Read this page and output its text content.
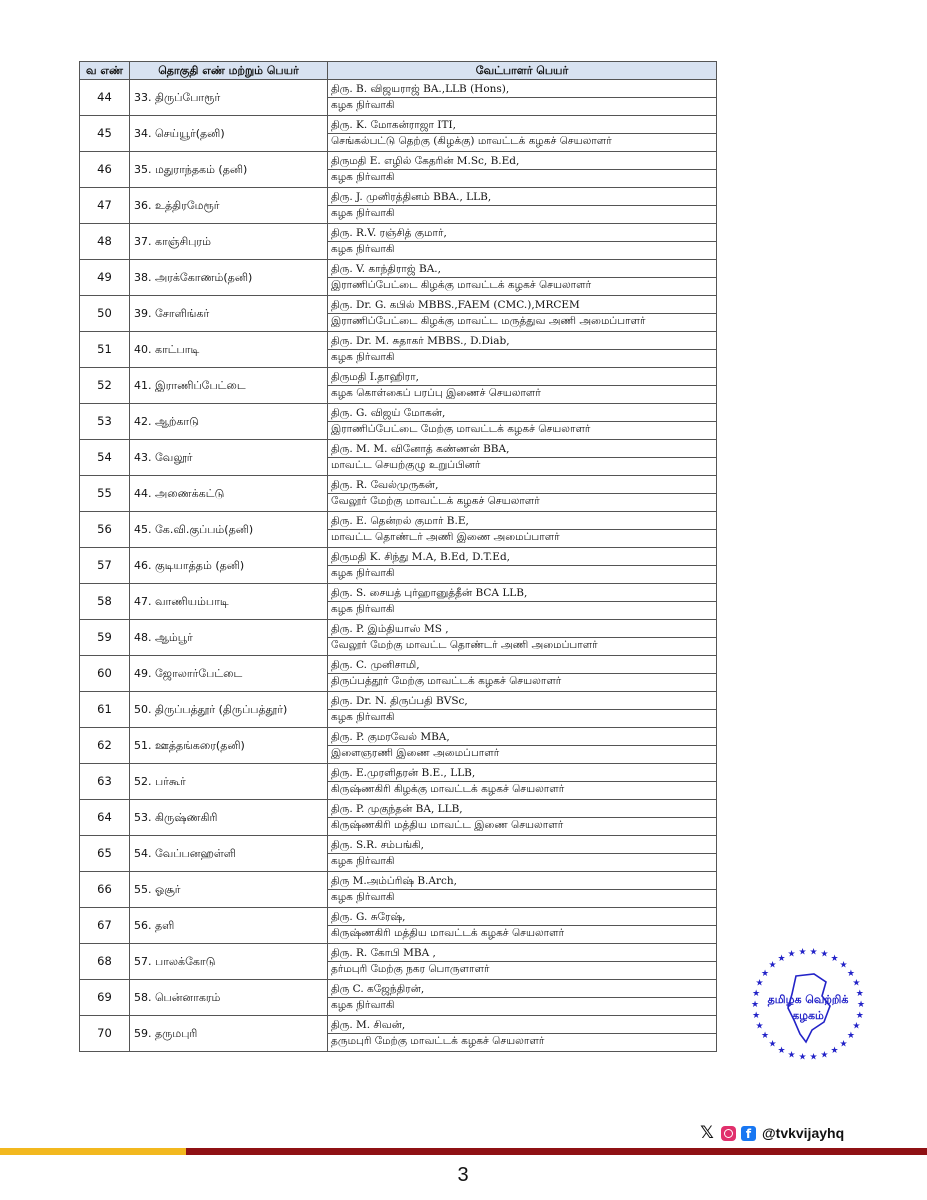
வ எண்	தொகுதி எண் மற்றும் பெயர்	வேட்பாளர் பெயர்
44	33. திருப்போரூர்	திரு. B. விஜயராஜ் BA.,LLB (Hons),
		கழக நிர்வாகி
45	34. செய்யூர்(தனி)	திரு. K. மோகன்ராஜா ITI,
		செங்கல்பட்டு தெற்கு (கிழக்கு) மாவட்டக் கழகச் செயலாளர்
46	35. மதுராந்தகம் (தனி)	திருமதி E. எழில் கேதரின் M.Sc, B.Ed,
		கழக நிர்வாகி
47	36. உத்திரமேரூர்	திரு. J. முனிரத்தினம் BBA., LLB,
		கழக நிர்வாகி
48	37. காஞ்சிபுரம்	திரு. R.V. ரஞ்சித் குமார்,
		கழக நிர்வாகி
49	38. அரக்கோணம்(தனி)	திரு. V. காந்திராஜ் BA.,
		இராணிப்பேட்டை கிழக்கு மாவட்டக் கழகச் செயலாளர்
50	39. சோளிங்கர்	திரு. Dr. G. கபில் MBBS.,FAEM (CMC.),MRCEM
		இராணிப்பேட்டை கிழக்கு மாவட்ட மருத்துவ அணி அமைப்பாளர்
51	40. காட்பாடி	திரு. Dr. M. சுதாகர் MBBS., D.Diab,
		கழக நிர்வாகி
52	41. இராணிப்பேட்டை	திருமதி I.தாஹிரா,
		கழக கொள்கைப் பரப்பு இணைச் செயலாளர்
53	42. ஆற்காடு	திரு. G. விஜய் மோகன்,
		இராணிப்பேட்டை மேற்கு மாவட்டக் கழகச் செயலாளர்
54	43. வேலூர்	திரு. M. M. வினோத் கண்ணன் BBA,
		மாவட்ட செயற்குழு உறுப்பினர்
55	44. அணைக்கட்டு	திரு. R. வேல்முருகன்,
		வேலூர் மேற்கு மாவட்டக் கழகச் செயலாளர்
56	45. கே.வி.குப்பம்(தனி)	திரு. E. தென்றல் குமார் B.E,
		மாவட்ட தொண்டர் அணி இணை அமைப்பாளர்
57	46. குடியாத்தம் (தனி)	திருமதி K. சிந்து M.A, B.Ed, D.T.Ed,
		கழக நிர்வாகி
58	47. வாணியம்பாடி	திரு. S. சையத் புர்ஹானுத்தீன் BCA LLB,
		கழக நிர்வாகி
59	48. ஆம்பூர்	திரு. P. இம்தியாஸ் MS ,
		வேலூர் மேற்கு மாவட்ட தொண்டர் அணி அமைப்பாளர்
60	49. ஜோலார்பேட்டை	திரு. C. முனிசாமி,
		திருப்பத்தூர் மேற்கு மாவட்டக் கழகச் செயலாளர்
61	50. திருப்பத்தூர் (திருப்பத்தூர்)	திரு. Dr. N. திருப்பதி BVSc,
		கழக நிர்வாகி
62	51. ஊத்தங்கரை(தனி)	திரு. P. குமரவேல் MBA,
		இளைஞரணி இணை அமைப்பாளர்
63	52. பர்கூர்	திரு. E.முரளிதரன் B.E., LLB,
		கிருஷ்ணகிரி கிழக்கு மாவட்டக் கழகச் செயலாளர்
64	53. கிருஷ்ணகிரி	திரு. P. முகுந்தன் BA, LLB,
		கிருஷ்ணகிரி மத்திய மாவட்ட இணை செயலாளர்
65	54. வேப்பனஹள்ளி	திரு. S.R. சம்பங்கி,
		கழக நிர்வாகி
66	55. ஓசூர்	திரு M.அம்ப்ரிஷ் B.Arch,
		கழக நிர்வாகி
67	56. தளி	திரு. G. சுரேஷ்,
		கிருஷ்ணகிரி மத்திய மாவட்டக் கழகச் செயலாளர்
68	57. பாலக்கோடு	திரு. R. கோபி MBA ,
		தர்மபுரி மேற்கு நகர பொருளாளர்
69	58. பென்னாகரம்	திரு C. கஜேந்திரன்,
		கழக நிர்வாகி
70	59. தருமபுரி	திரு. M. சிவன்,
		தருமபுரி மேற்கு மாவட்டக் கழகச் செயலாளர்
★
★
★
★
★
★
★
★
★
★
★
★
★
★
★
★
★
★
★
★
★ ★ ★ ★ ★ ★
★
★
★
★
தமிழக வெற்றிக்
கழகம்
𝕏	f @tvkvijayhq
3
